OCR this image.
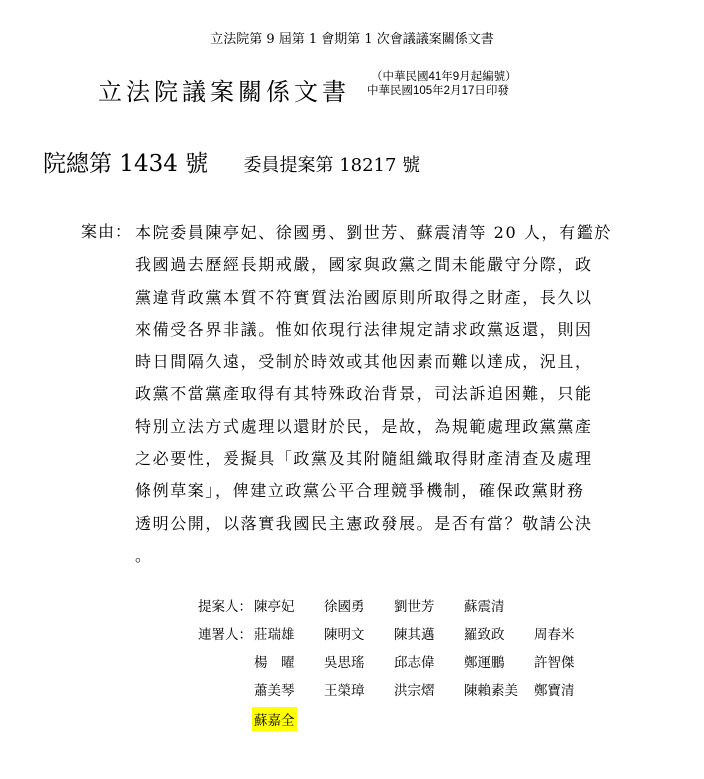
立法院第 9 屆第 1 會期第 1 次會議議案關係文書
立法院議案關係文書
（中華民國41年9月起編號）
中華民國105年2月17日印發
院總第 1434 號 委員提案第 18217 號
案由： 本院委員陳亭妃、徐國勇、劉世芳、蘇震清等 20 人，有鑑於
我國過去歷經長期戒嚴，國家與政黨之間未能嚴守分際，政
黨違背政黨本質不符實質法治國原則所取得之財產，長久以
來備受各界非議。惟如依現行法律規定請求政黨返還，則因
時日間隔久遠，受制於時效或其他因素而難以達成，況且，
政黨不當黨產取得有其特殊政治背景，司法訴追困難，只能
特別立法方式處理以還財於民，是故，為規範處理政黨黨產
之必要性，爰擬具「政黨及其附隨組織取得財產清查及處理
條例草案」，俾建立政黨公平合理競爭機制，確保政黨財務
透明公開，以落實我國民主憲政發展。是否有當？敬請公決
。
提案人： 陳亭妃 徐國勇 劉世芳 蘇震清
連署人： 莊瑞雄 陳明文 陳其邁 羅致政 周春米
楊　曜 吳思瑤 邱志偉 鄭運鵬 許智傑
蕭美琴 王榮璋 洪宗熠 陳賴素美 鄭寶清
蘇嘉全
